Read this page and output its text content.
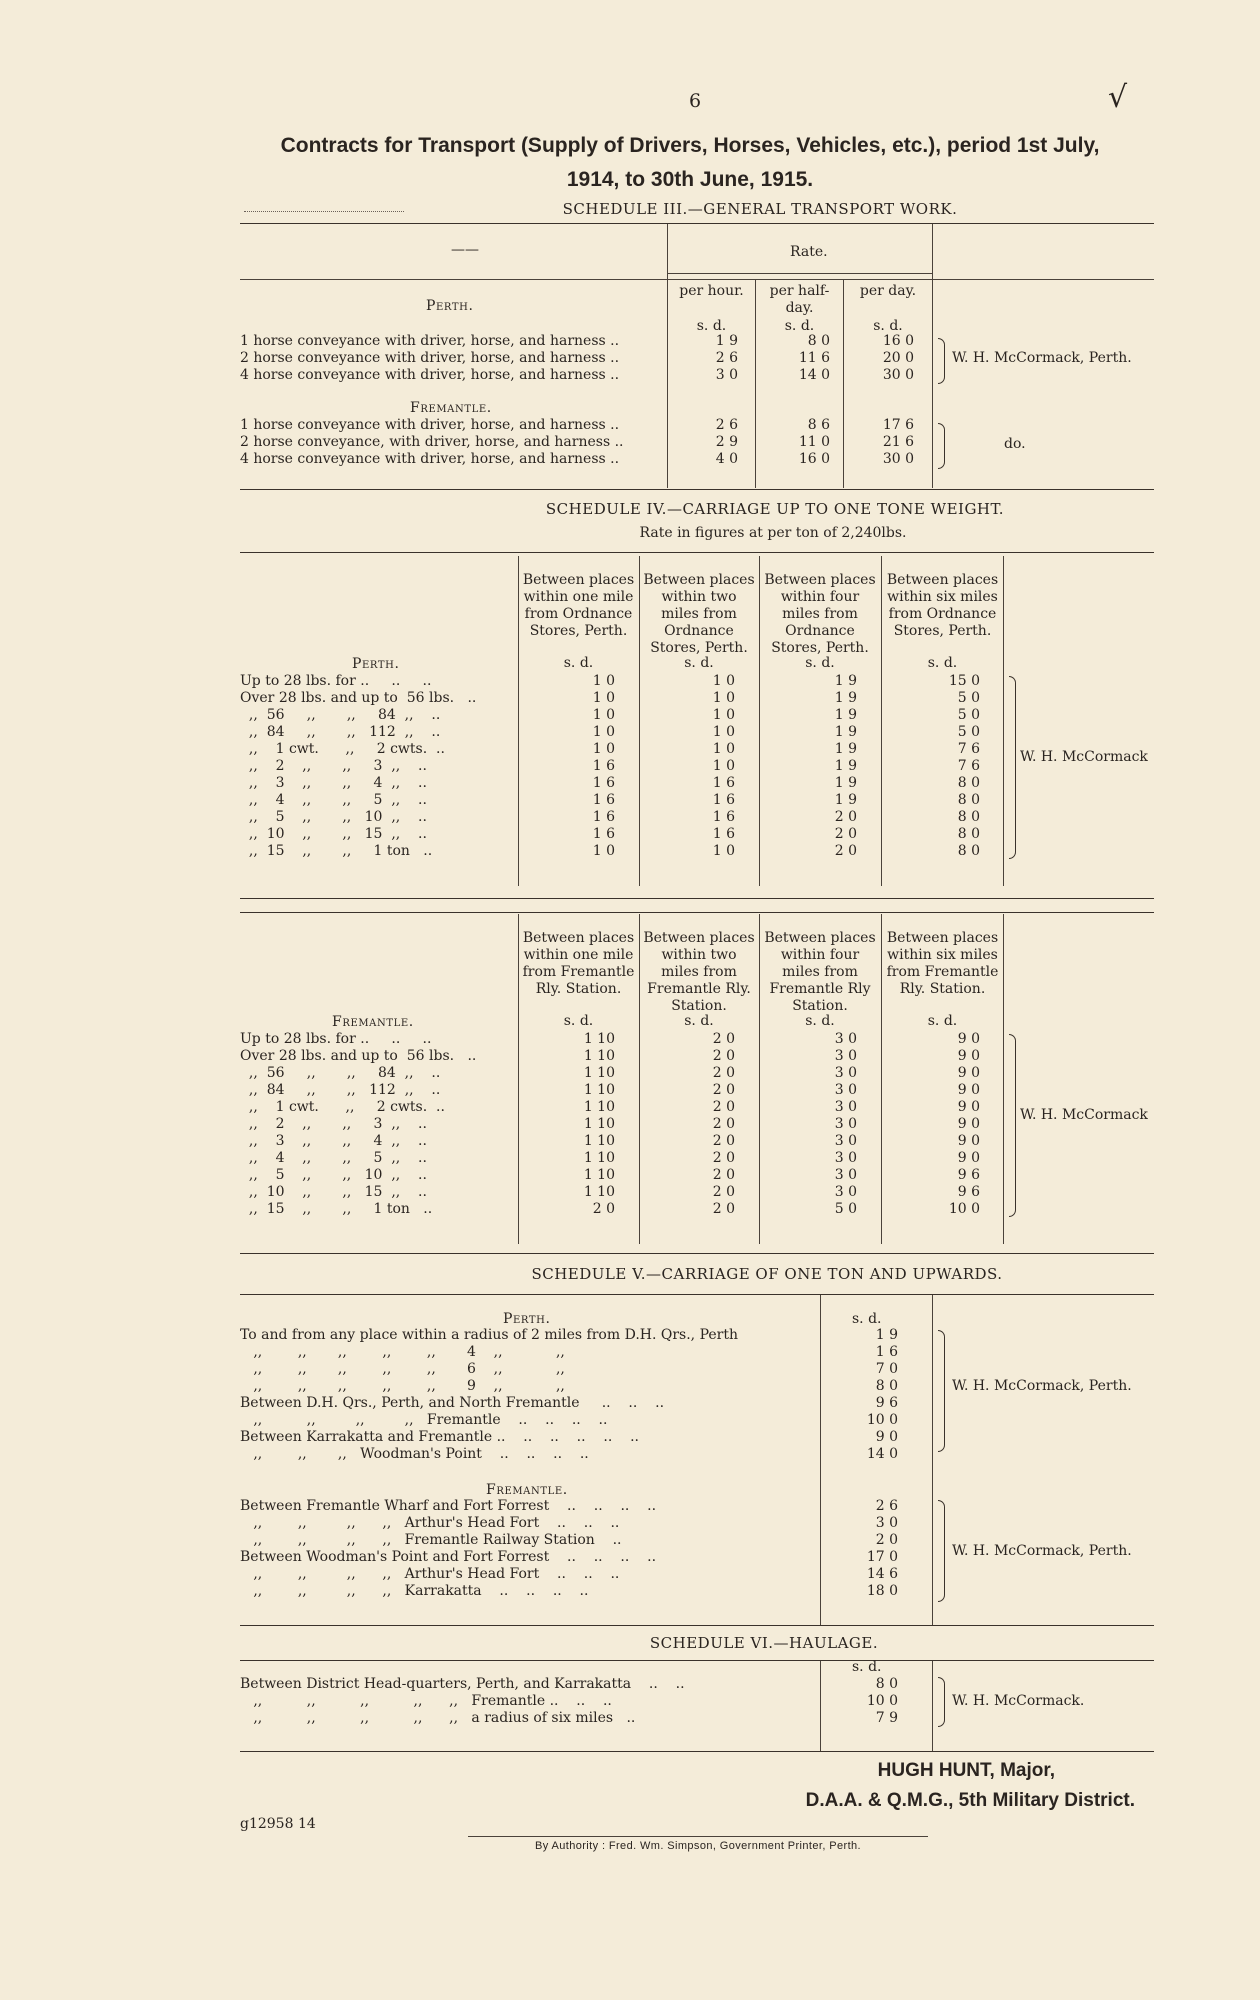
6	√
Contracts for Transport (Supply of Drivers, Horses, Vehicles, etc.), period 1st July,
1914, to 30th June, 1915.
SCHEDULE III.—GENERAL TRANSPORT WORK.
——	Rate.
per hour.	per half-day.
per day.
Perth.
s. d.	s. d.	s. d.
1 horse conveyance with driver, horse, and harness ..	1 9	8 0	16 0
2 horse conveyance with driver, horse, and harness ..	2 6	11 6	20 0
4 horse conveyance with driver, horse, and harness ..	3 0	14 0	30 0
Fremantle.
1 horse conveyance with driver, horse, and harness ..	2 6	8 6	17 6
2 horse conveyance, with driver, horse, and harness ..	2 9	11 0	21 6
4 horse conveyance with driver, horse, and harness ..	4 0	16 0	30 0
W. H. McCormack, Perth.
do.
SCHEDULE IV.—CARRIAGE UP TO ONE TONE WEIGHT.
Rate in figures at per ton of 2,240lbs.
Between places within one mile from Ordnance Stores, Perth.
s. d.
Between places within two miles from Ordnance Stores, Perth.
s. d.
Between places within four miles from Ordnance Stores, Perth.
s. d.
Between places within six miles from Ordnance Stores, Perth.
s. d.
Perth.
Up to 28 lbs. for ..     ..     ..	1 0	1 0	1 9	15 0
Over 28 lbs. and up to  56 lbs.   ..	1 0	1 0	1 9	5 0
,,  56     ,,       ,,     84  ,,    ..	1 0	1 0	1 9	5 0
,,  84     ,,       ,,   112  ,,    ..	1 0	1 0	1 9	5 0
,,    1 cwt.      ,,     2 cwts.  ..	1 0	1 0	1 9	7 6
,,    2    ,,       ,,     3  ,,    ..	1 6	1 0	1 9	7 6
,,    3    ,,       ,,     4  ,,    ..	1 6	1 6	1 9	8 0
,,    4    ,,       ,,     5  ,,    ..	1 6	1 6	1 9	8 0
,,    5    ,,       ,,   10  ,,    ..	1 6	1 6	2 0	8 0
,,  10    ,,       ,,   15  ,,    ..	1 6	1 6	2 0	8 0
,,  15    ,,       ,,     1 ton   ..	1 0	1 0	2 0	8 0
W. H. McCormack
Between places within one mile from Fremantle Rly. Station.
s. d.
Between places within two miles from Fremantle Rly. Station.
s. d.
Between places within four miles from Fremantle Rly Station.
s. d.
Between places within six miles from Fremantle Rly. Station.
s. d.
Fremantle.
Up to 28 lbs. for ..     ..     ..	1 10	2 0	3 0	9 0
Over 28 lbs. and up to  56 lbs.   ..	1 10	2 0	3 0	9 0
,,  56     ,,       ,,     84  ,,    ..	1 10	2 0	3 0	9 0
,,  84     ,,       ,,   112  ,,    ..	1 10	2 0	3 0	9 0
,,    1 cwt.      ,,     2 cwts.  ..	1 10	2 0	3 0	9 0
,,    2    ,,       ,,     3  ,,    ..	1 10	2 0	3 0	9 0
,,    3    ,,       ,,     4  ,,    ..	1 10	2 0	3 0	9 0
,,    4    ,,       ,,     5  ,,    ..	1 10	2 0	3 0	9 0
,,    5    ,,       ,,   10  ,,    ..	1 10	2 0	3 0	9 6
,,  10    ,,       ,,   15  ,,    ..	1 10	2 0	3 0	9 6
,,  15    ,,       ,,     1 ton   ..	2 0	2 0	5 0	10 0
W. H. McCormack
SCHEDULE V.—CARRIAGE OF ONE TON AND UPWARDS.
Perth.	s. d.
To and from any place within a radius of 2 miles from D.H. Qrs., Perth	1 9
,,        ,,       ,,        ,,        ,,       4    ,,            ,,	1 6
,,        ,,       ,,        ,,        ,,       6    ,,            ,,	7 0
,,        ,,       ,,        ,,        ,,       9    ,,            ,,	8 0
Between D.H. Qrs., Perth, and North Fremantle     ..    ..    ..	9 6
,,          ,,         ,,         ,,   Fremantle    ..    ..    ..    ..	10 0
Between Karrakatta and Fremantle ..    ..    ..    ..    ..    ..	9 0
,,        ,,       ,,   Woodman's Point    ..    ..    ..    ..	14 0
Fremantle.
Between Fremantle Wharf and Fort Forrest    ..    ..    ..    ..	2 6
,,        ,,         ,,      ,,   Arthur's Head Fort    ..    ..    ..	3 0
,,        ,,         ,,      ,,   Fremantle Railway Station    ..	2 0
Between Woodman's Point and Fort Forrest    ..    ..    ..    ..	17 0
,,        ,,         ,,      ,,   Arthur's Head Fort    ..    ..    ..	14 6
,,        ,,         ,,      ,,   Karrakatta    ..    ..    ..    ..	18 0
W. H. McCormack, Perth.
W. H. McCormack, Perth.
SCHEDULE VI.—HAULAGE.
s. d.
Between District Head-quarters, Perth, and Karrakatta    ..    ..	8 0
,,          ,,          ,,          ,,      ,,   Fremantle ..    ..    ..	10 0
,,          ,,          ,,          ,,      ,,   a radius of six miles   ..	7 9
W. H. McCormack.
HUGH HUNT, Major,
D.A.A. & Q.M.G., 5th Military District.
g12958 14
By Authority : Fred. Wm. Simpson, Government Printer, Perth.
